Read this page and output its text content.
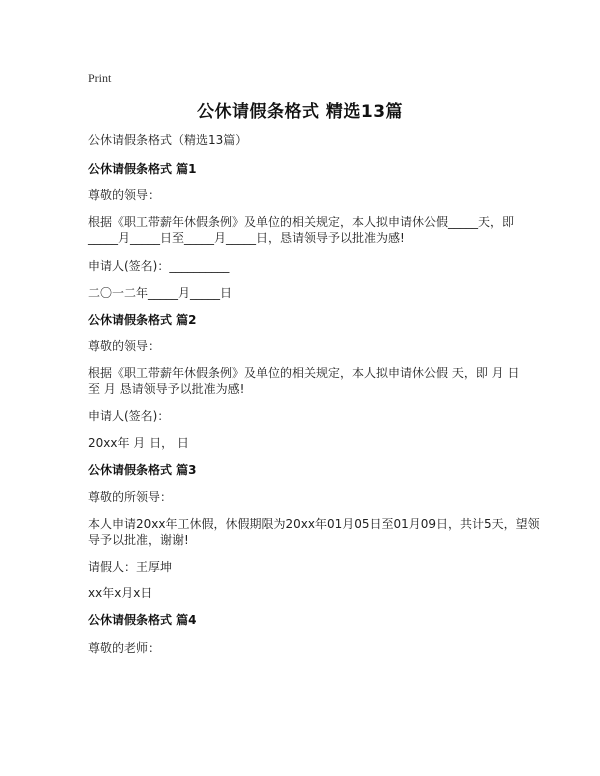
Print
公休请假条格式 精选13篇
公休请假条格式（精选13篇）
公休请假条格式 篇1
尊敬的领导：
根据《职工带薪年休假条例》及单位的相关规定，本人拟申请休公假_____天，即
_____月_____日至_____月_____日，恳请领导予以批准为感!
申请人(签名)：__________
二〇一二年_____月_____日
公休请假条格式 篇2
尊敬的领导：
根据《职工带薪年休假条例》及单位的相关规定，本人拟申请休公假 天，即 月 日
至 月 恳请领导予以批准为感!
申请人(签名)：
20xx年 月 日， 日
公休请假条格式 篇3
尊敬的所领导：
本人申请20xx年工休假，休假期限为20xx年01月05日至01月09日，共计5天，望领
导予以批准，谢谢!
请假人：王厚坤
xx年x月x日
公休请假条格式 篇4
尊敬的老师：
